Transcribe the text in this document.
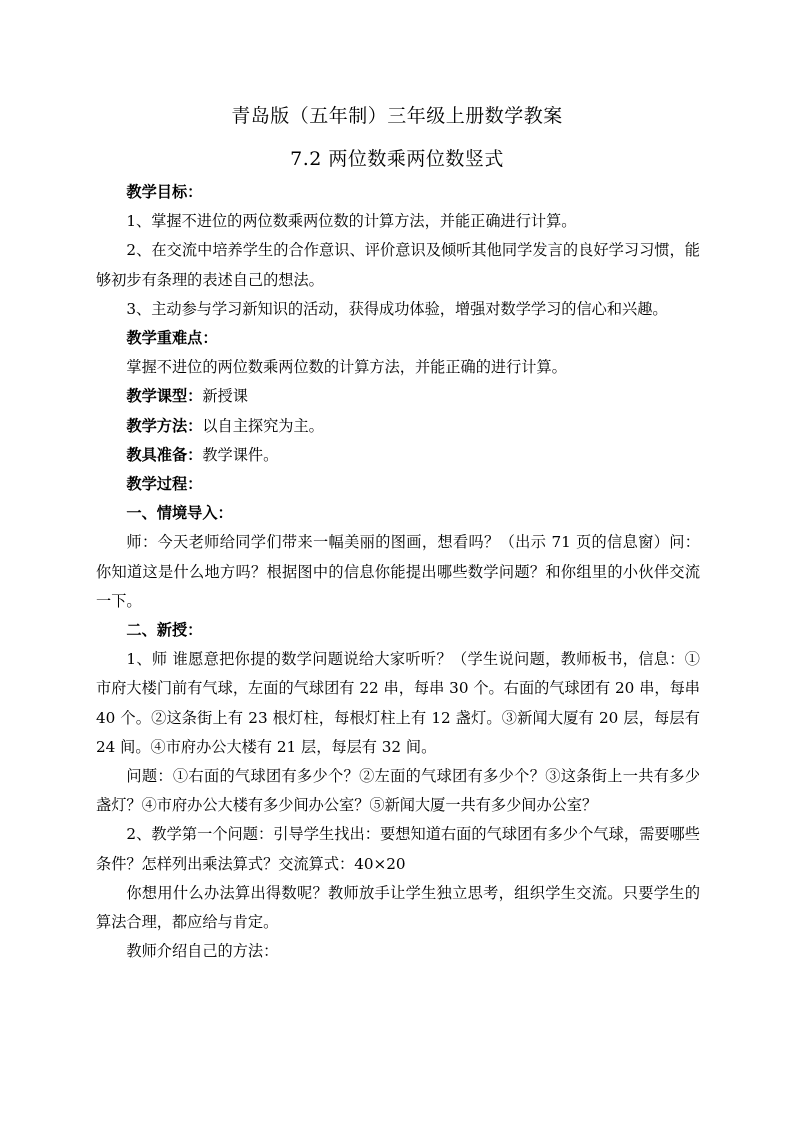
青岛版（五年制）三年级上册数学教案
7.2 两位数乘两位数竖式

教学目标：

1、掌握不进位的两位数乘两位数的计算方法，并能正确进行计算。

2、在交流中培养学生的合作意识、评价意识及倾听其他同学发言的良好学习习惯，能够初步有条理的表述自己的想法。

3、主动参与学习新知识的活动，获得成功体验，增强对数学学习的信心和兴趣。

教学重难点：

掌握不进位的两位数乘两位数的计算方法，并能正确的进行计算。

教学课型：新授课

教学方法：以自主探究为主。

教具准备：教学课件。

教学过程：

一、情境导入：

师：今天老师给同学们带来一幅美丽的图画，想看吗？（出示 71 页的信息窗）问：你知道这是什么地方吗？根据图中的信息你能提出哪些数学问题？和你组里的小伙伴交流一下。

二、新授：

1、师 谁愿意把你提的数学问题说给大家听听？（学生说问题，教师板书，信息：①市府大楼门前有气球，左面的气球团有 22 串，每串 30 个。右面的气球团有 20 串，每串 40 个。②这条街上有 23 根灯柱，每根灯柱上有 12 盏灯。③新闻大厦有 20 层，每层有 24 间。④市府办公大楼有 21 层，每层有 32 间。

问题：①右面的气球团有多少个？②左面的气球团有多少个？③这条街上一共有多少盏灯？④市府办公大楼有多少间办公室？⑤新闻大厦一共有多少间办公室？

2、教学第一个问题：引导学生找出：要想知道右面的气球团有多少个气球，需要哪些条件？怎样列出乘法算式？交流算式：40×20

你想用什么办法算出得数呢？教师放手让学生独立思考，组织学生交流。只要学生的算法合理，都应给与肯定。

教师介绍自己的方法：
